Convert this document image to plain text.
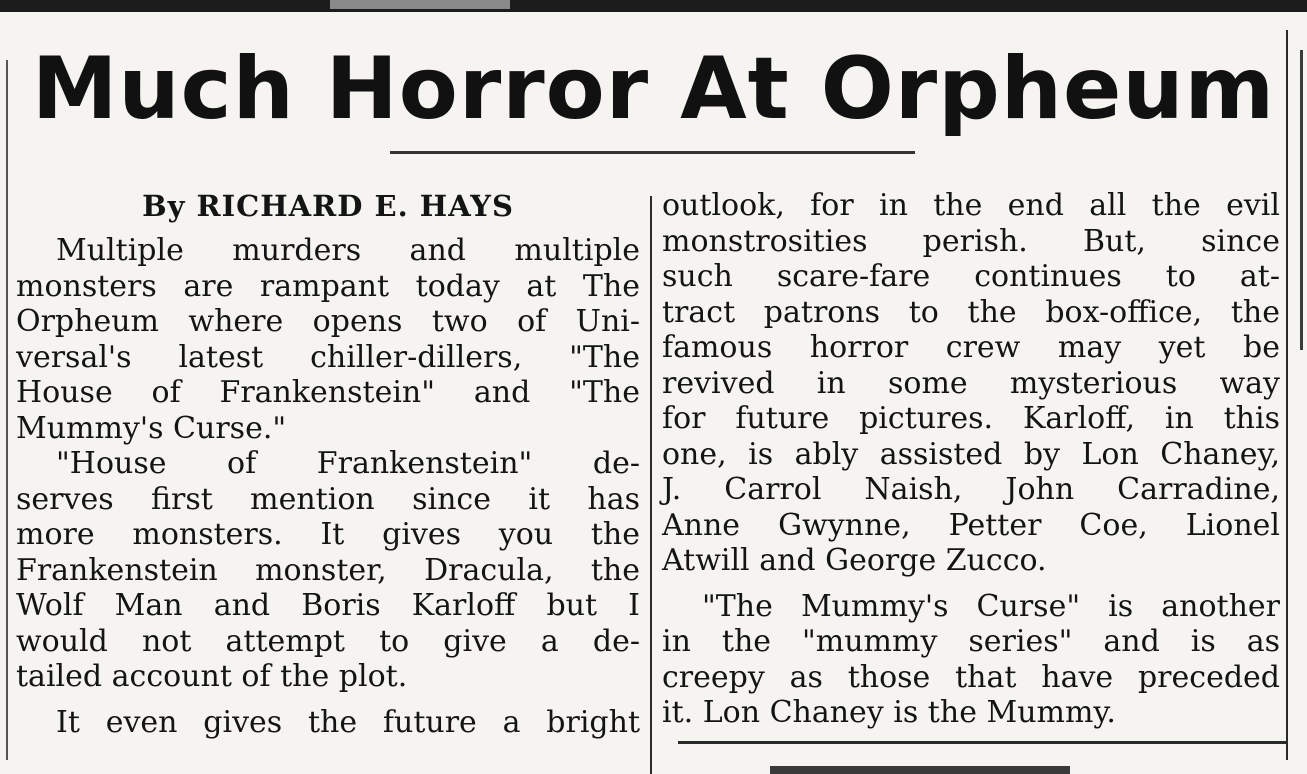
Much Horror At Orpheum
By RICHARD E. HAYS
Multiple murders and multiple
monsters are rampant today at The
Orpheum where opens two of Uni-
versal's latest chiller-dillers, "The
House of Frankenstein" and "The
Mummy's Curse."
"House of Frankenstein" de-
serves first mention since it has
more monsters. It gives you the
Frankenstein monster, Dracula, the
Wolf Man and Boris Karloff but I
would not attempt to give a de-
tailed account of the plot.
It even gives the future a bright
outlook, for in the end all the evil
monstrosities perish. But, since
such scare-fare continues to at-
tract patrons to the box-office, the
famous horror crew may yet be
revived in some mysterious way
for future pictures. Karloff, in this
one, is ably assisted by Lon Chaney,
J. Carrol Naish, John Carradine,
Anne Gwynne, Petter Coe, Lionel
Atwill and George Zucco.
"The Mummy's Curse" is another
in the "mummy series" and is as
creepy as those that have preceded
it. Lon Chaney is the Mummy.
